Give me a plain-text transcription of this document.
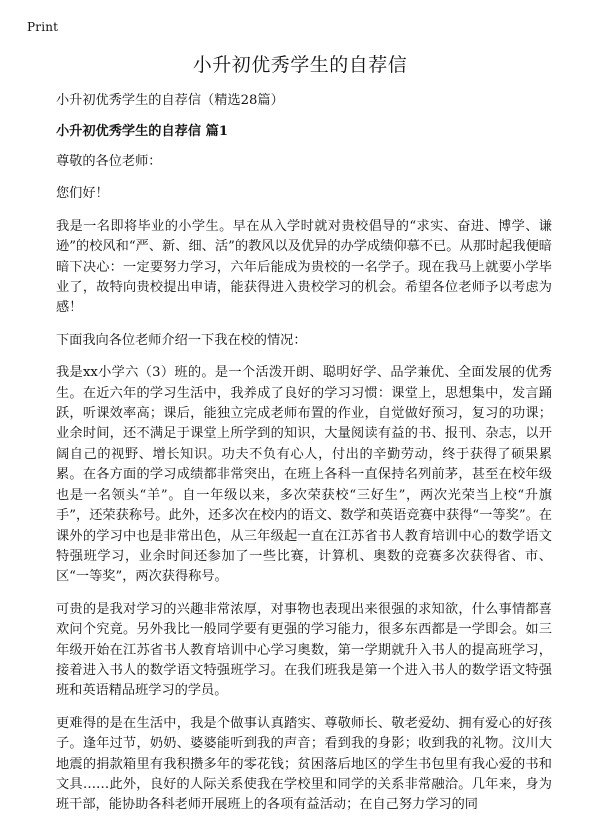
Print
小升初优秀学生的自荐信
小升初优秀学生的自荐信（精选28篇）
小升初优秀学生的自荐信 篇1

尊敬的各位老师：

您们好！

我是一名即将毕业的小学生。早在从入学时就对贵校倡导的“求实、奋进、博学、谦逊”的校风和“严、新、细、活”的教风以及优异的办学成绩仰慕不已。从那时起我便暗暗下决心：一定要努力学习，六年后能成为贵校的一名学子。现在我马上就要小学毕业了，故特向贵校提出申请，能获得进入贵校学习的机会。希望各位老师予以考虑为感！

下面我向各位老师介绍一下我在校的情况：

我是xx小学六（3）班的。是一个活泼开朗、聪明好学、品学兼优、全面发展的优秀生。在近六年的学习生活中，我养成了良好的学习习惯：课堂上，思想集中，发言踊跃，听课效率高；课后，能独立完成老师布置的作业，自觉做好预习，复习的功课；业余时间，还不满足于课堂上所学到的知识，大量阅读有益的书、报刊、杂志，以开阔自己的视野、增长知识。功夫不负有心人，付出的辛勤劳动，终于获得了硕果累累。在各方面的学习成绩都非常突出，在班上各科一直保持名列前茅，甚至在校年级也是一名领头“羊”。自一年级以来，多次荣获校“三好生”，两次光荣当上校“升旗手”，还荣获称号。此外，还多次在校内的语文、数学和英语竞赛中获得“一等奖”。在课外的学习中也是非常出色，从三年级起一直在江苏省书人教育培训中心的数学语文特强班学习，业余时间还参加了一些比赛，计算机、奥数的竞赛多次获得省、市、区“一等奖”，两次获得称号。

可贵的是我对学习的兴趣非常浓厚，对事物也表现出来很强的求知欲，什么事情都喜欢问个究竟。另外我比一般同学要有更强的学习能力，很多东西都是一学即会。如三年级开始在江苏省书人教育培训中心学习奥数，第一学期就升入书人的提高班学习，接着进入书人的数学语文特强班学习。在我们班我是第一个进入书人的数学语文特强班和英语精品班学习的学员。

更难得的是在生活中，我是个做事认真踏实、尊敬师长、敬老爱幼、拥有爱心的好孩子。逢年过节，奶奶、婆婆能听到我的声音；看到我的身影；收到我的礼物。汶川大地震的捐款箱里有我积攒多年的零花钱；贫困落后地区的学生书包里有我心爱的书和文具……此外，良好的人际关系使我在学校里和同学的关系非常融洽。几年来，身为班干部，能协助各科老师开展班上的各项有益活动；在自己努力学习的同
